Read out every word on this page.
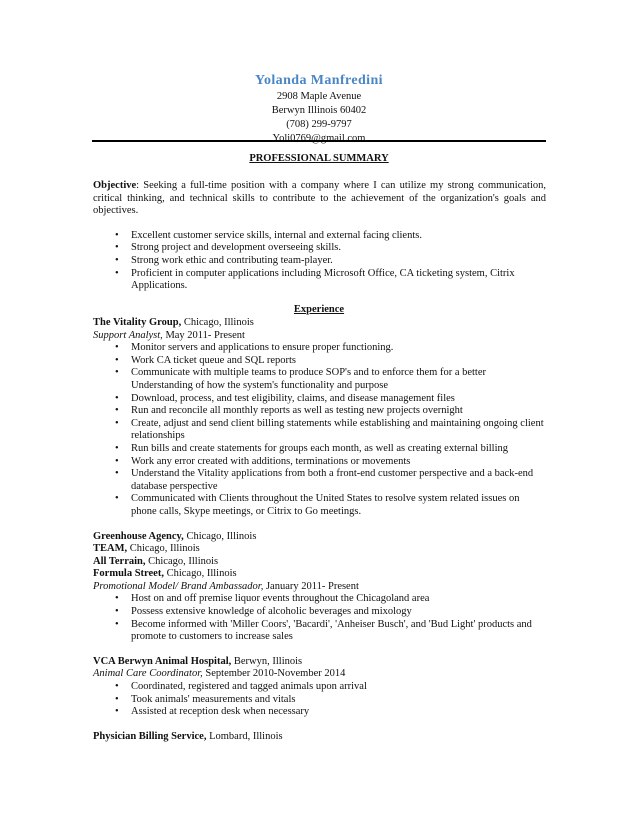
Yolanda Manfredini
2908 Maple Avenue
Berwyn Illinois 60402
(708) 299-9797
Yoli0769@gmail.com
PROFESSIONAL SUMMARY
Objective: Seeking a full-time position with a company where I can utilize my strong communication, critical thinking, and technical skills to contribute to the achievement of the organization's goals and objectives.
• Excellent customer service skills, internal and external facing clients.
• Strong project and development overseeing skills.
• Strong work ethic and contributing team-player.
• Proficient in computer applications including Microsoft Office, CA ticketing system, Citrix Applications.
Experience
The Vitality Group, Chicago, Illinois
Support Analyst, May 2011- Present
• Monitor servers and applications to ensure proper functioning.
• Work CA ticket queue and SQL reports
• Communicate with multiple teams to produce SOP's and to enforce them for a better Understanding of how the system's functionality and purpose
• Download, process, and test eligibility, claims, and disease management files
• Run and reconcile all monthly reports as well as testing new projects overnight
• Create, adjust and send client billing statements while establishing and maintaining ongoing client relationships
• Run bills and create statements for groups each month, as well as creating external billing
• Work any error created with additions, terminations or movements
• Understand the Vitality applications from both a front-end customer perspective and a back-end database perspective
• Communicated with Clients throughout the United States to resolve system related issues on phone calls, Skype meetings, or Citrix to Go meetings.
Greenhouse Agency, Chicago, Illinois
TEAM, Chicago, Illinois
All Terrain, Chicago, Illinois
Formula Street, Chicago, Illinois
Promotional Model/ Brand Ambassador, January 2011- Present
• Host on and off premise liquor events throughout the Chicagoland area
• Possess extensive knowledge of alcoholic beverages and mixology
• Become informed with 'Miller Coors', 'Bacardi', 'Anheiser Busch', and 'Bud Light' products and promote to customers to increase sales
VCA Berwyn Animal Hospital, Berwyn, Illinois
Animal Care Coordinator, September 2010-November 2014
• Coordinated, registered and tagged animals upon arrival
• Took animals' measurements and vitals
• Assisted at reception desk when necessary
Physician Billing Service, Lombard, Illinois
